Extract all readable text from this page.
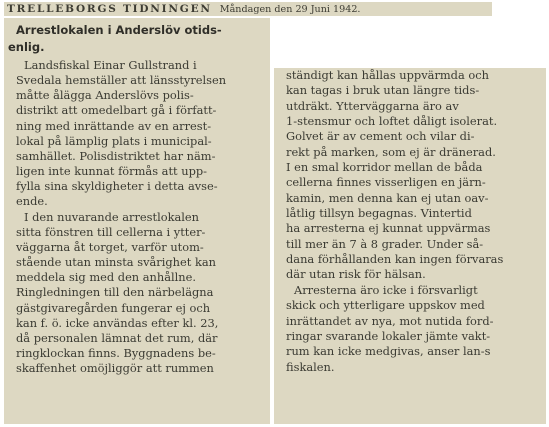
TRELLEBORGS TIDNINGEN Måndagen den 29 Juni 1942.
Arrestlokalen i Anderslöv otids-
enlig.
Landsfiskal Einar Gullstrand i
Svedala hemställer att länsstyrelsen
måtte ålägga Anderslövs polis-
distrikt att omedelbart gå i författ-
ning med inrättande av en arrest-
lokal på lämplig plats i municipal-
samhället. Polisdistriktet har näm-
ligen inte kunnat förmås att upp-
fylla sina skyldigheter i detta avse-
ende.
I den nuvarande arrestlokalen
sitta fönstren till cellerna i ytter-
väggarna åt torget, varför utom-
stående utan minsta svårighet kan
meddela sig med den anhållne.
Ringledningen till den närbelägna
gästgivaregården fungerar ej och
kan f. ö. icke användas efter kl. 23,
då personalen lämnat det rum, där
ringklockan finns. Byggnadens be-
skaffenhet omöjliggör att rummen
ständigt kan hållas uppvärmda och
kan tagas i bruk utan längre tids-
utdräkt. Ytterväggarna äro av
1-stensmur och loftet dåligt isolerat.
Golvet är av cement och vilar di-
rekt på marken, som ej är dränerad.
I en smal korridor mellan de båda
cellerna finnes visserligen en järn-
kamin, men denna kan ej utan oav-
låtlig tillsyn begagnas. Vintertid
ha arresterna ej kunnat uppvärmas
till mer än 7 à 8 grader. Under så-
dana förhållanden kan ingen förvaras
där utan risk för hälsan.
Arresterna äro icke i försvarligt
skick och ytterligare uppskov med
inrättandet av nya, mot nutida ford-
ringar svarande lokaler jämte vakt-
rum kan icke medgivas, anser lan-s
fiskalen.
